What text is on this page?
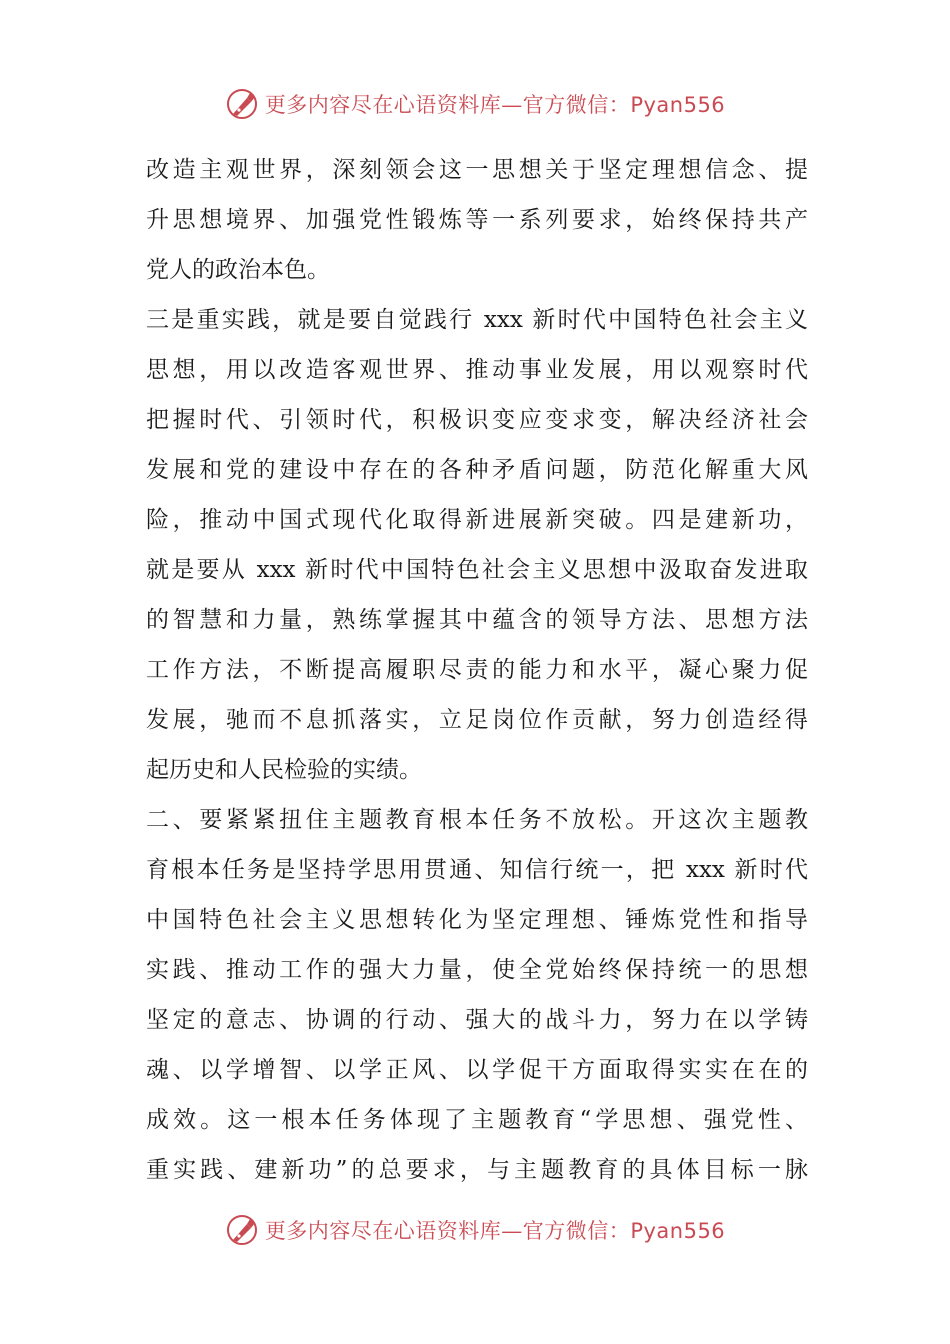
更多内容尽在心语资料库—官方微信：Pyan556
改造主观世界，深刻领会这一思想关于坚定理想信念、提
升思想境界、加强党性锻炼等一系列要求，始终保持共产
党人的政治本色。
三是重实践，就是要自觉践行 xxx 新时代中国特色社会主义
思想，用以改造客观世界、推动事业发展，用以观察时代
把握时代、引领时代，积极识变应变求变，解决经济社会
发展和党的建设中存在的各种矛盾问题，防范化解重大风
险，推动中国式现代化取得新进展新突破。四是建新功，
就是要从 xxx 新时代中国特色社会主义思想中汲取奋发进取
的智慧和力量，熟练掌握其中蕴含的领导方法、思想方法
工作方法，不断提高履职尽责的能力和水平，凝心聚力促
发展，驰而不息抓落实，立足岗位作贡献，努力创造经得
起历史和人民检验的实绩。
二、要紧紧扭住主题教育根本任务不放松。开这次主题教
育根本任务是坚持学思用贯通、知信行统一，把 xxx 新时代
中国特色社会主义思想转化为坚定理想、锤炼党性和指导
实践、推动工作的强大力量，使全党始终保持统一的思想
坚定的意志、协调的行动、强大的战斗力，努力在以学铸
魂、以学增智、以学正风、以学促干方面取得实实在在的
成效。这一根本任务体现了主题教育“学思想、强党性、
重实践、建新功”的总要求，与主题教育的具体目标一脉
更多内容尽在心语资料库—官方微信：Pyan556
